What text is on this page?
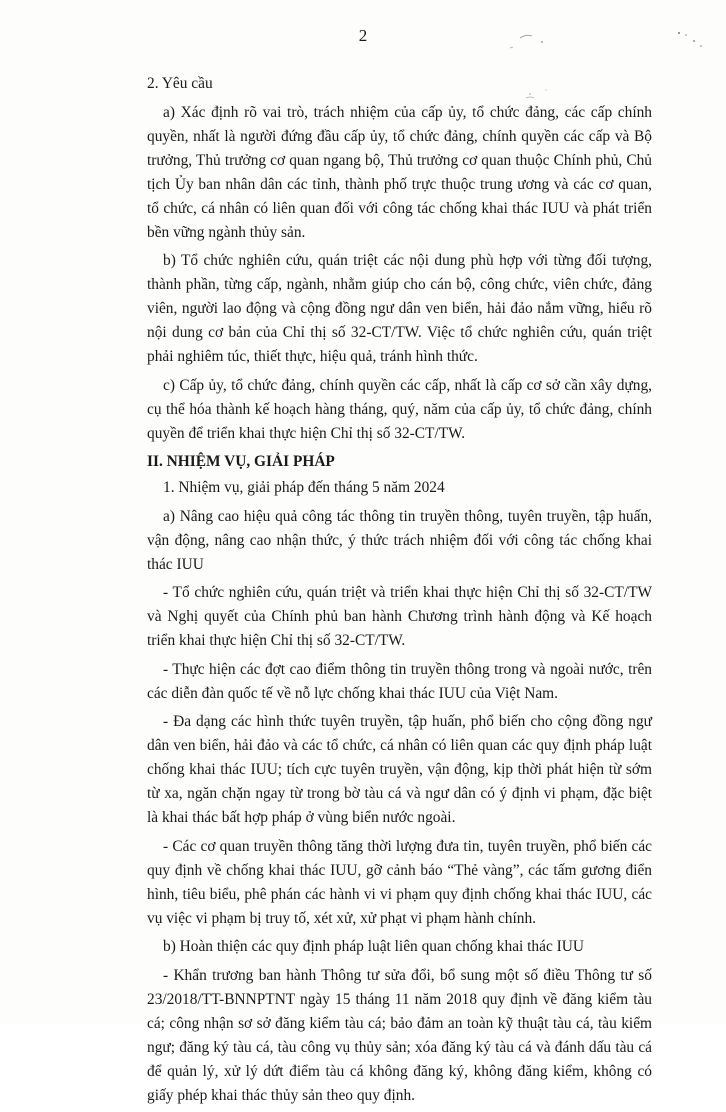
2

2. Yêu cầu

a) Xác định rõ vai trò, trách nhiệm của cấp ủy, tổ chức đảng, các cấp chính quyền, nhất là người đứng đầu cấp ủy, tổ chức đảng, chính quyền các cấp và Bộ trưởng, Thủ trưởng cơ quan ngang bộ, Thủ trưởng cơ quan thuộc Chính phủ, Chủ tịch Ủy ban nhân dân các tỉnh, thành phố trực thuộc trung ương và các cơ quan, tổ chức, cá nhân có liên quan đối với công tác chống khai thác IUU và phát triển bền vững ngành thủy sản.

b) Tổ chức nghiên cứu, quán triệt các nội dung phù hợp với từng đối tượng, thành phần, từng cấp, ngành, nhằm giúp cho cán bộ, công chức, viên chức, đảng viên, người lao động và cộng đồng ngư dân ven biển, hải đảo nắm vững, hiểu rõ nội dung cơ bản của Chỉ thị số 32-CT/TW. Việc tổ chức nghiên cứu, quán triệt phải nghiêm túc, thiết thực, hiệu quả, tránh hình thức.

c) Cấp ủy, tổ chức đảng, chính quyền các cấp, nhất là cấp cơ sở cần xây dựng, cụ thể hóa thành kế hoạch hàng tháng, quý, năm của cấp ủy, tổ chức đảng, chính quyền để triển khai thực hiện Chỉ thị số 32-CT/TW.

II. NHIỆM VỤ, GIẢI PHÁP

1. Nhiệm vụ, giải pháp đến tháng 5 năm 2024

a) Nâng cao hiệu quả công tác thông tin truyền thông, tuyên truyền, tập huấn, vận động, nâng cao nhận thức, ý thức trách nhiệm đối với công tác chống khai thác IUU

- Tổ chức nghiên cứu, quán triệt và triển khai thực hiện Chỉ thị số 32-CT/TW và Nghị quyết của Chính phủ ban hành Chương trình hành động và Kế hoạch triển khai thực hiện Chỉ thị số 32-CT/TW.

- Thực hiện các đợt cao điểm thông tin truyền thông trong và ngoài nước, trên các diễn đàn quốc tế về nỗ lực chống khai thác IUU của Việt Nam.

- Đa dạng các hình thức tuyên truyền, tập huấn, phổ biến cho cộng đồng ngư dân ven biển, hải đảo và các tổ chức, cá nhân có liên quan các quy định pháp luật chống khai thác IUU; tích cực tuyên truyền, vận động, kịp thời phát hiện từ sớm từ xa, ngăn chặn ngay từ trong bờ tàu cá và ngư dân có ý định vi phạm, đặc biệt là khai thác bất hợp pháp ở vùng biển nước ngoài.

- Các cơ quan truyền thông tăng thời lượng đưa tin, tuyên truyền, phổ biến các quy định về chống khai thác IUU, gỡ cảnh báo “Thẻ vàng”, các tấm gương điển hình, tiêu biểu, phê phán các hành vi vi phạm quy định chống khai thác IUU, các vụ việc vi phạm bị truy tố, xét xử, xử phạt vi phạm hành chính.

b) Hoàn thiện các quy định pháp luật liên quan chống khai thác IUU

- Khẩn trương ban hành Thông tư sửa đổi, bổ sung một số điều Thông tư số 23/2018/TT-BNNPTNT ngày 15 tháng 11 năm 2018 quy định về đăng kiểm tàu cá; công nhận sơ sở đăng kiểm tàu cá; bảo đảm an toàn kỹ thuật tàu cá, tàu kiểm ngư; đăng ký tàu cá, tàu công vụ thủy sản; xóa đăng ký tàu cá và đánh dấu tàu cá để quản lý, xử lý dứt điểm tàu cá không đăng ký, không đăng kiểm, không có giấy phép khai thác thủy sản theo quy định.
